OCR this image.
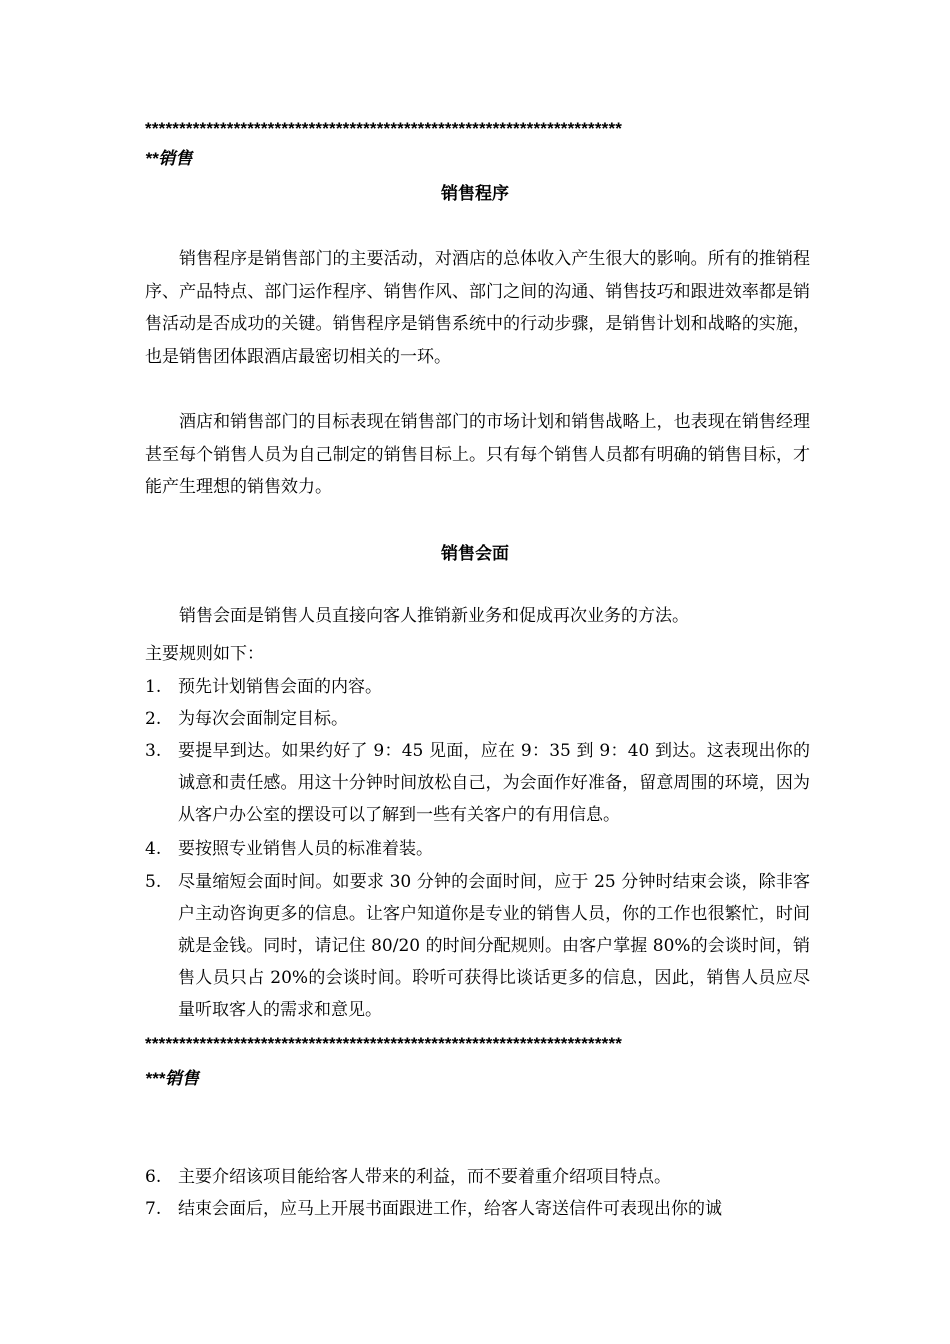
**********************************************************************
**销售
销售程序
销售程序是销售部门的主要活动，对酒店的总体收入产生很大的影响。所有的推销程序、产品特点、部门运作程序、销售作风、部门之间的沟通、销售技巧和跟进效率都是销售活动是否成功的关键。销售程序是销售系统中的行动步骤，是销售计划和战略的实施，也是销售团体跟酒店最密切相关的一环。
酒店和销售部门的目标表现在销售部门的市场计划和销售战略上，也表现在销售经理甚至每个销售人员为自己制定的销售目标上。只有每个销售人员都有明确的销售目标，才能产生理想的销售效力。
销售会面
销售会面是销售人员直接向客人推销新业务和促成再次业务的方法。
主要规则如下：
1. 预先计划销售会面的内容。
2. 为每次会面制定目标。
3. 要提早到达。如果约好了 9：45 见面，应在 9：35 到 9：40 到达。这表现出你的诚意和责任感。用这十分钟时间放松自己，为会面作好准备，留意周围的环境，因为从客户办公室的摆设可以了解到一些有关客户的有用信息。
4. 要按照专业销售人员的标准着装。
5. 尽量缩短会面时间。如要求 30 分钟的会面时间，应于 25 分钟时结束会谈，除非客户主动咨询更多的信息。让客户知道你是专业的销售人员，你的工作也很繁忙，时间就是金钱。同时，请记住 80/20 的时间分配规则。由客户掌握 80%的会谈时间，销售人员只占 20%的会谈时间。聆听可获得比谈话更多的信息，因此，销售人员应尽量听取客人的需求和意见。
**********************************************************************
***销售
6. 主要介绍该项目能给客人带来的利益，而不要着重介绍项目特点。
7. 结束会面后，应马上开展书面跟进工作，给客人寄送信件可表现出你的诚
